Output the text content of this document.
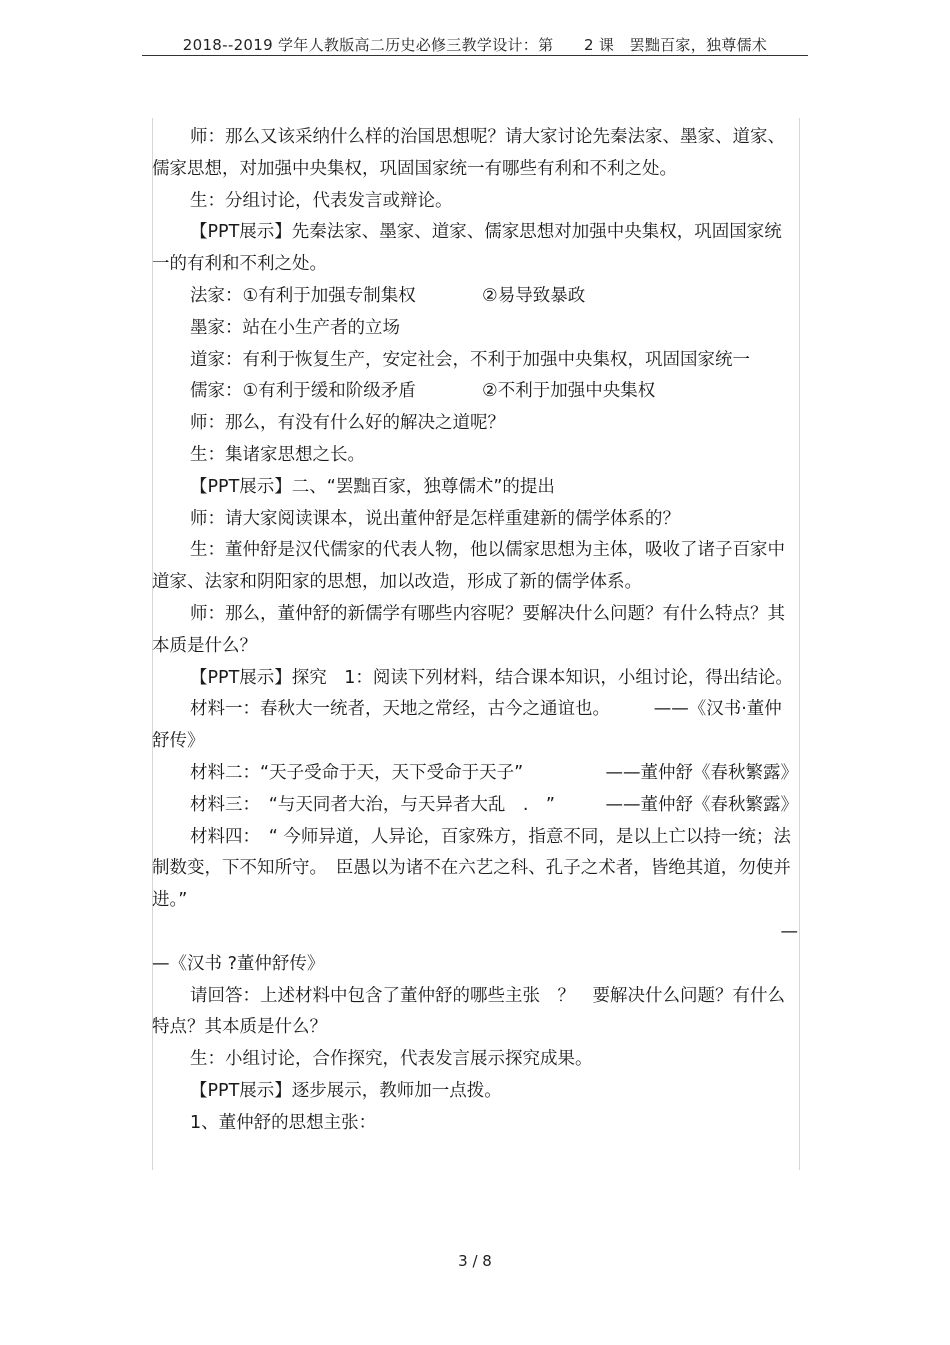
2018--2019 学年人教版高二历史必修三教学设计：第　　2 课　罢黜百家，独尊儒术

师：那么又该采纳什么样的治国思想呢？请大家讨论先秦法家、墨家、道家、儒家思想，对加强中央集权，巩固国家统一有哪些有利和不利之处。

生：分组讨论，代表发言或辩论。

【PPT展示】先秦法家、墨家、道家、儒家思想对加强中央集权，巩固国家统一的有利和不利之处。

法家：①有利于加强专制集权	②易导致暴政

墨家：站在小生产者的立场

道家：有利于恢复生产，安定社会，不利于加强中央集权，巩固国家统一

儒家：①有利于缓和阶级矛盾	②不利于加强中央集权

师：那么，有没有什么好的解决之道呢？

生：集诸家思想之长。

【PPT展示】二、“罢黜百家，独尊儒术”的提出

师：请大家阅读课本，说出董仲舒是怎样重建新的儒学体系的？

生：董仲舒是汉代儒家的代表人物，他以儒家思想为主体，吸收了诸子百家中道家、法家和阴阳家的思想，加以改造，形成了新的儒学体系。

师：那么，董仲舒的新儒学有哪些内容呢？要解决什么问题？有什么特点？其本质是什么？

【PPT展示】探究　1：阅读下列材料，结合课本知识，小组讨论，得出结论。

材料一：春秋大一统者，天地之常经，古今之通谊也。　　　——《汉书·董仲舒传》

材料二：“天子受命于天，天下受命于天子”	——董仲舒《春秋繁露》
材料三：　“与天同者大治，与天异者大乱　.　”	——董仲舒《春秋繁露》

材料四：　“ 今师异道，人异论，百家殊方，指意不同，是以上亡以持一统；法制数变，下不知所守。　臣愚以为诸不在六艺之科、孔子之术者，皆绝其道，勿使并进。”

—

—《汉书 ?董仲舒传》

请回答：上述材料中包含了董仲舒的哪些主张　？　要解决什么问题？有什么特点？其本质是什么？

生：小组讨论，合作探究，代表发言展示探究成果。

【PPT展示】逐步展示，教师加一点拨。

1、董仲舒的思想主张：

3 / 8
